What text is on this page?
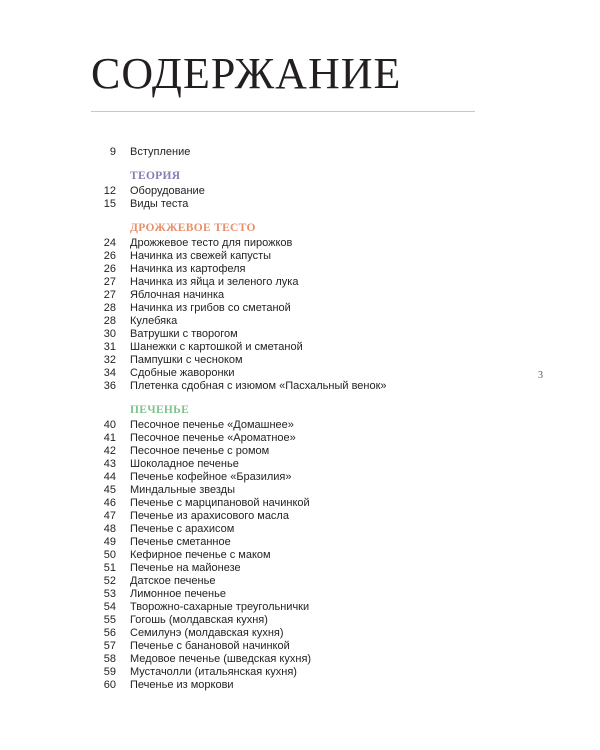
СОДЕРЖАНИЕ
9 Вступление
ТЕОРИЯ
12 Оборудование
15 Виды теста
ДРОЖЖЕВОЕ ТЕСТО
24 Дрожжевое тесто для пирожков
26 Начинка из свежей капусты
26 Начинка из картофеля
27 Начинка из яйца и зеленого лука
27 Яблочная начинка
28 Начинка из грибов со сметаной
28 Кулебяка
30 Ватрушки с творогом
31 Шанежки с картошкой и сметаной
32 Пампушки с чесноком
34 Сдобные жаворонки
36 Плетенка сдобная с изюмом «Пасхальный венок»
ПЕЧЕНЬЕ
40 Песочное печенье «Домашнее»
41 Песочное печенье «Ароматное»
42 Песочное печенье с ромом
43 Шоколадное печенье
44 Печенье кофейное «Бразилия»
45 Миндальные звезды
46 Печенье с марципановой начинкой
47 Печенье из арахисового масла
48 Печенье с арахисом
49 Печенье сметанное
50 Кефирное печенье с маком
51 Печенье на майонезе
52 Датское печенье
53 Лимонное печенье
54 Творожно-сахарные треугольнички
55 Гогошь (молдавская кухня)
56 Семилунэ (молдавская кухня)
57 Печенье с банановой начинкой
58 Медовое печенье (шведская кухня)
59 Мустачолли (итальянская кухня)
60 Печенье из моркови
3
